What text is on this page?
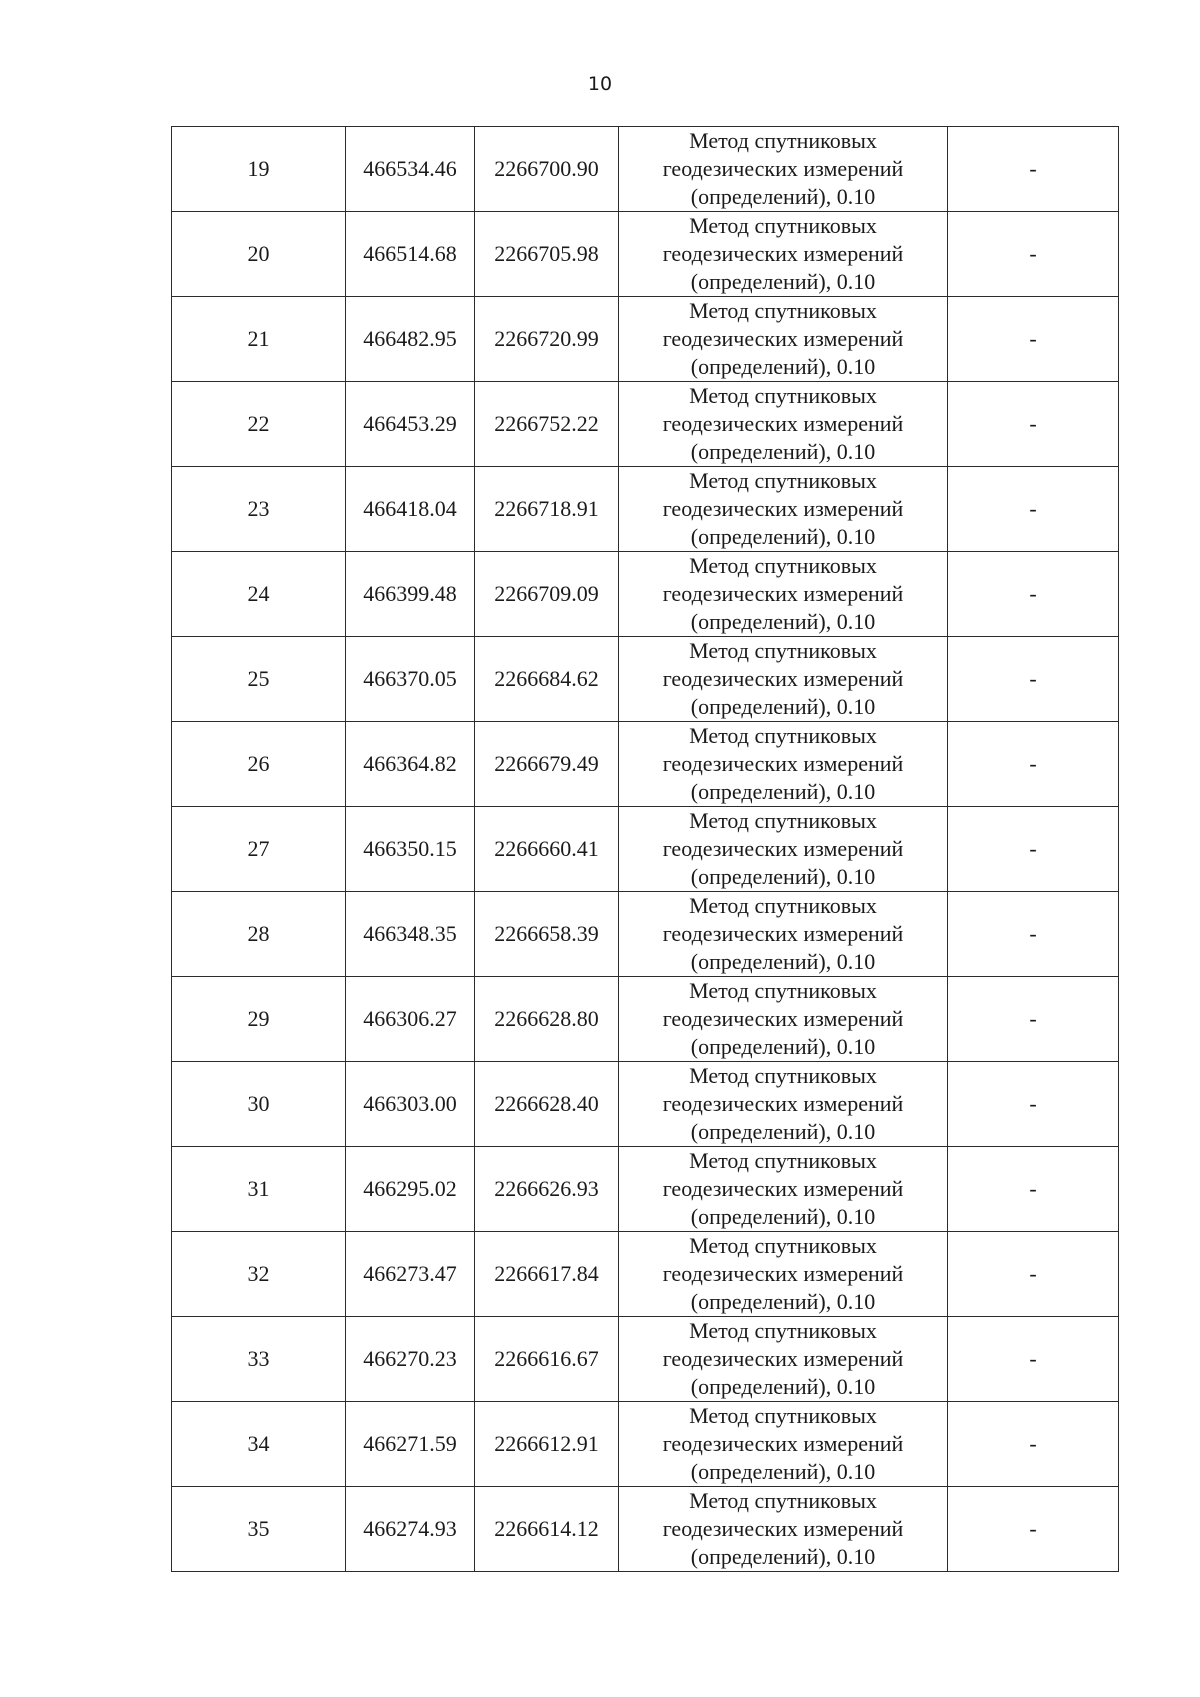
10
19	466534.46	2266700.90	Метод спутниковых
геодезических измерений
(определений), 0.10	-
20	466514.68	2266705.98	Метод спутниковых
геодезических измерений
(определений), 0.10	-
21	466482.95	2266720.99	Метод спутниковых
геодезических измерений
(определений), 0.10	-
22	466453.29	2266752.22	Метод спутниковых
геодезических измерений
(определений), 0.10	-
23	466418.04	2266718.91	Метод спутниковых
геодезических измерений
(определений), 0.10	-
24	466399.48	2266709.09	Метод спутниковых
геодезических измерений
(определений), 0.10	-
25	466370.05	2266684.62	Метод спутниковых
геодезических измерений
(определений), 0.10	-
26	466364.82	2266679.49	Метод спутниковых
геодезических измерений
(определений), 0.10	-
27	466350.15	2266660.41	Метод спутниковых
геодезических измерений
(определений), 0.10	-
28	466348.35	2266658.39	Метод спутниковых
геодезических измерений
(определений), 0.10	-
29	466306.27	2266628.80	Метод спутниковых
геодезических измерений
(определений), 0.10	-
30	466303.00	2266628.40	Метод спутниковых
геодезических измерений
(определений), 0.10	-
31	466295.02	2266626.93	Метод спутниковых
геодезических измерений
(определений), 0.10	-
32	466273.47	2266617.84	Метод спутниковых
геодезических измерений
(определений), 0.10	-
33	466270.23	2266616.67	Метод спутниковых
геодезических измерений
(определений), 0.10	-
34	466271.59	2266612.91	Метод спутниковых
геодезических измерений
(определений), 0.10	-
35	466274.93	2266614.12	Метод спутниковых
геодезических измерений
(определений), 0.10	-
